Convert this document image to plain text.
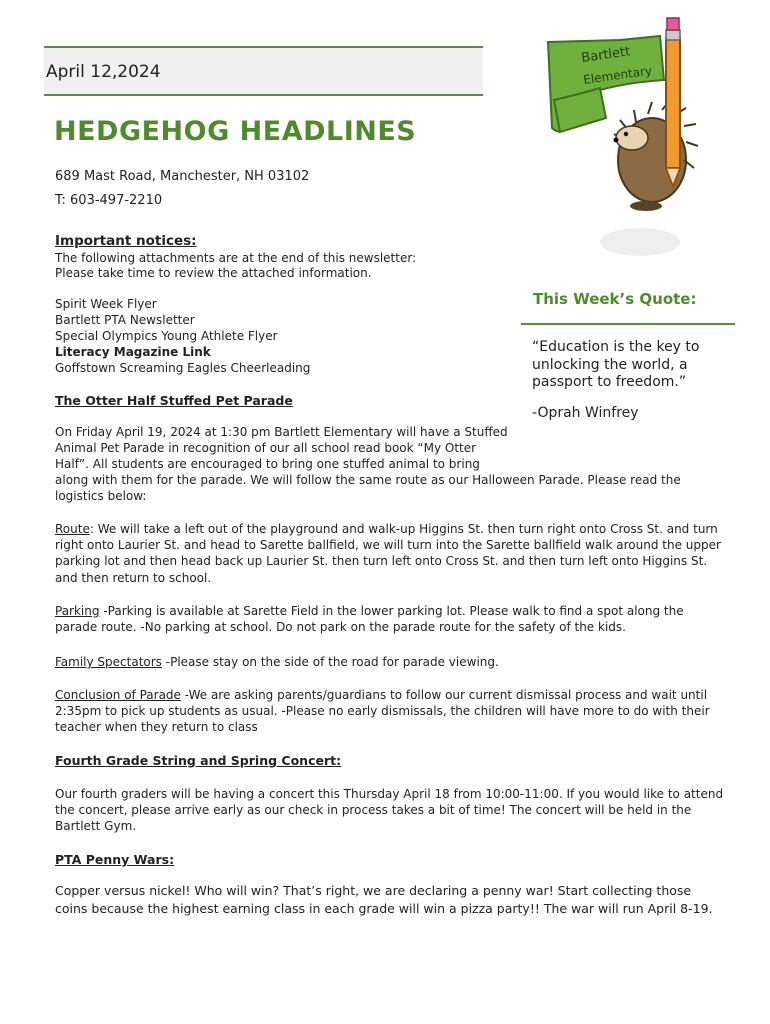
April 12,2024
HEDGEHOG HEADLINES
689 Mast Road, Manchester, NH 03102
T: 603-497-2210
Bartlett
Elementary
Important notices:
The following attachments are at the end of this newsletter:
Please take time to review the attached information.
Spirit Week Flyer
Bartlett PTA Newsletter
Special Olympics Young Athlete Flyer
Literacy Magazine Link
Goffstown Screaming Eagles Cheerleading
This Week’s Quote:
“Education is the key to unlocking the world, a passport to freedom.”
-Oprah Winfrey
The Otter Half Stuffed Pet Parade
On Friday April 19, 2024 at 1:30 pm Bartlett Elementary will have a Stuffed
Animal Pet Parade in recognition of our all school read book “My Otter
Half”. All students are encouraged to bring one stuffed animal to bring
along with them for the parade. We will follow the same route as our Halloween Parade. Please read the logistics below:
Route: We will take a left out of the playground and walk-up Higgins St. then turn right onto Cross St. and turn right onto Laurier St. and head to Sarette ballfield, we will turn into the Sarette ballfield walk around the upper parking lot and then head back up Laurier St. then turn left onto Cross St. and then turn left onto Higgins St. and then return to school.
Parking -Parking is available at Sarette Field in the lower parking lot. Please walk to find a spot along the parade route. -No parking at school. Do not park on the parade route for the safety of the kids.
Family Spectators -Please stay on the side of the road for parade viewing.
Conclusion of Parade -We are asking parents/guardians to follow our current dismissal process and wait until 2:35pm to pick up students as usual. -Please no early dismissals, the children will have more to do with their teacher when they return to class
Fourth Grade String and Spring Concert:
Our fourth graders will be having a concert this Thursday April 18 from 10:00-11:00. If you would like to attend the concert, please arrive early as our check in process takes a bit of time! The concert will be held in the Bartlett Gym.
PTA Penny Wars:
Copper versus nickel! Who will win? That’s right, we are declaring a penny war! Start collecting those coins because the highest earning class in each grade will win a pizza party!! The war will run April 8-19.
